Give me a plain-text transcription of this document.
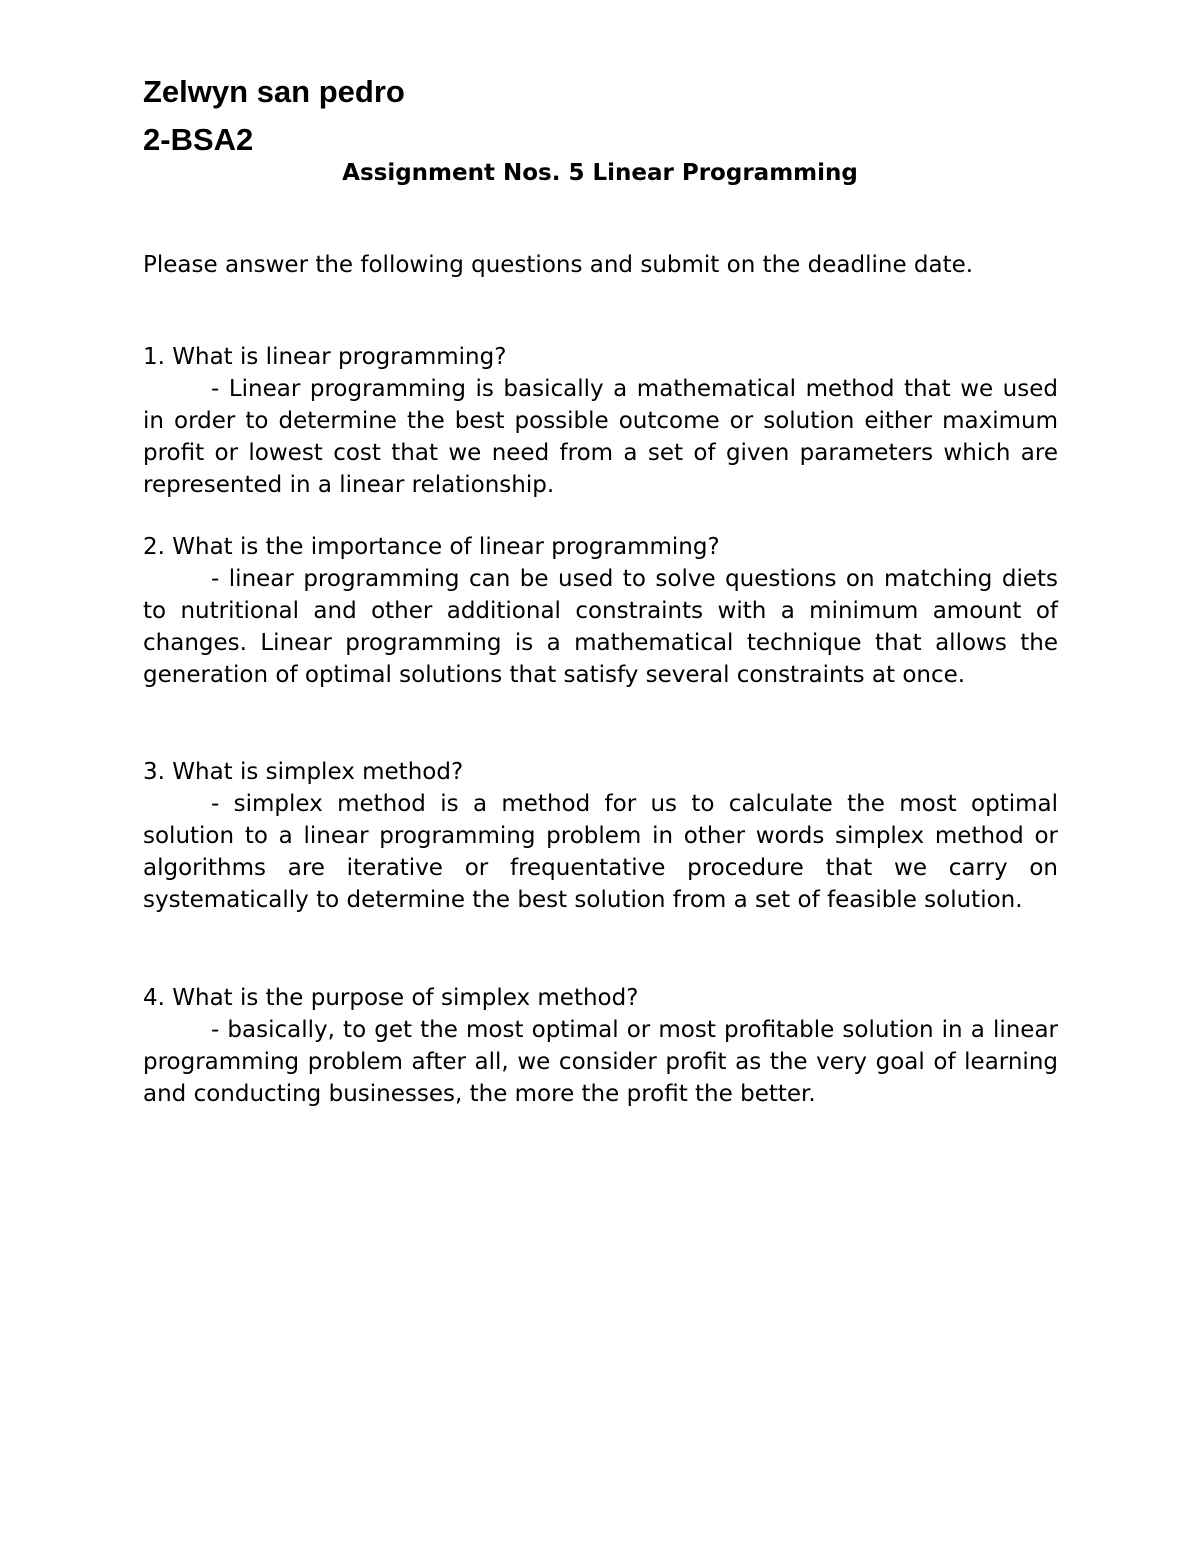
Zelwyn san pedro
2-BSA2
Assignment Nos. 5 Linear Programming
Please answer the following questions and submit on the deadline date.
1. What is linear programming?
- Linear programming is basically a mathematical method that we used in order to determine the best possible outcome or solution either maximum profit or lowest cost that we need from a set of given parameters which are represented in a linear relationship.
2. What is the importance of linear programming?
- linear programming can be used to solve questions on matching diets to nutritional and other additional constraints with a minimum amount of changes. Linear programming is a mathematical technique that allows the generation of optimal solutions that satisfy several constraints at once.
3. What is simplex method?
- simplex method is a method for us to calculate the most optimal solution to a linear programming problem in other words simplex method or algorithms are iterative or frequentative procedure that we carry on systematically to determine the best solution from a set of feasible solution.
4. What is the purpose of simplex method?
- basically, to get the most optimal or most profitable solution in a linear programming problem after all, we consider profit as the very goal of learning and conducting businesses, the more the profit the better.
